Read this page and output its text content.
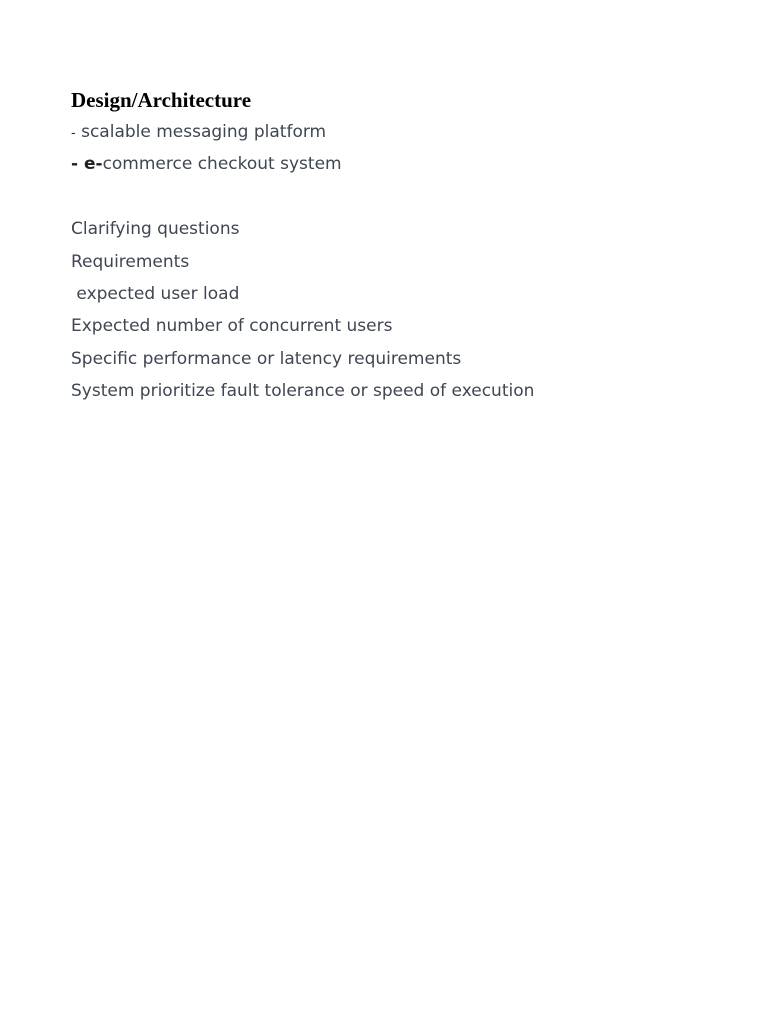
Design/Architecture
- scalable messaging platform
- e-commerce checkout system
Clarifying questions
Requirements
expected user load
Expected number of concurrent users
Specific performance or latency requirements
System prioritize fault tolerance or speed of execution
